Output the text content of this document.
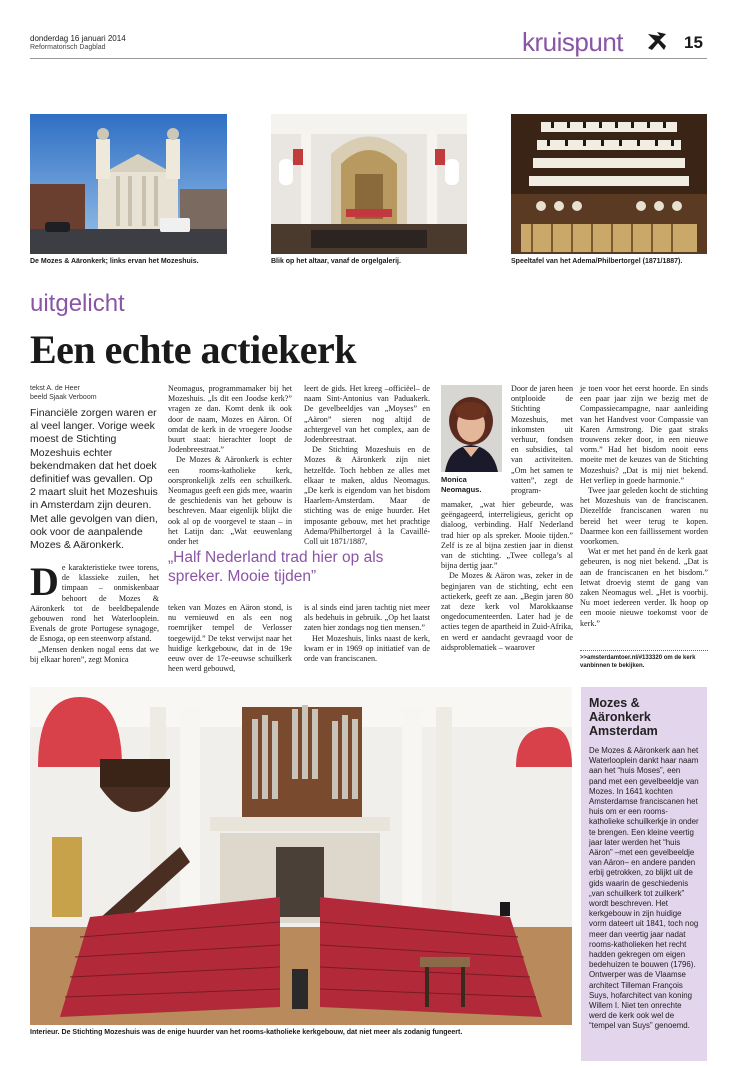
donderdag 16 januari 2014
Reformatorisch Dagblad	kruispunt	15
De Mozes & Aäronkerk; links ervan het Mozeshuis.	Blik op het altaar, vanaf de orgelgalerij.	Speeltafel van het Adema/Philbertorgel (1871/1887).
uitgelicht
Een echte actiekerk
tekst A. de Heer
beeld Sjaak Verboom
Financiële zorgen waren er al veel langer. Vorige week moest de Stichting Mozeshuis echter bekendmaken dat het doek definitief was gevallen. Op 2 maart sluit het Mozeshuis in Amsterdam zijn deuren. Met alle gevolgen van dien, ook voor de aanpalende Mozes & Aäronkerk.
D e karakteristieke twee torens, de klassieke zuilen, het timpaan – onmiskenbaar behoort de Mozes & Aäronkerk tot de beeldbepalende gebouwen rond het Waterlooplein. Evenals de grote Portugese synagoge, de Esnoga, op een steenworp afstand.

„Mensen denken nogal eens dat we bij elkaar horen”, zegt Monica

Neomagus, programmamaker bij het Mozeshuis. „Is dit een Joodse kerk?” vragen ze dan. Komt denk ik ook door de naam, Mozes en Aäron. Of omdat de kerk in de vroegere Joodse buurt staat: hierachter loopt de Jodenbreestraat.”

De Mozes & Aäronkerk is echter een rooms-katholieke kerk, oorspronkelijk zelfs een schuilkerk. Neomagus geeft een gids mee, waarin de geschiedenis van het gebouw is beschreven. Maar eigenlijk blijkt die ook al op de voorgevel te staan – in het Latijn dan: „Wat eeuwenlang onder het

leert de gids. Het kreeg –officiëel– de naam Sint-Antonius van Paduakerk. De gevelbeeldjes van „Moyses” en „Aäron” sieren nog altijd de achtergevel van het complex, aan de Jodenbreestraat.

De Stichting Mozeshuis en de Mozes & Aäronkerk zijn niet hetzelfde. Toch hebben ze alles met elkaar te maken, aldus Neomagus. „De kerk is eigendom van het bisdom Haarlem-Amsterdam. Maar de stichting was de enige huurder. Het imposante gebouw, met het prachtige Adema/Philbertorgel à la Cavaillé-Coll uit 1871/1887,

„Half Nederland trad hier op als spreker. Mooie tijden”

teken van Mozes en Aäron stond, is nu vernieuwd en als een nog roemrijker tempel de Verlosser toegewijd.” De tekst verwijst naar het huidige kerkgebouw, dat in de 19e eeuw over de 17e-eeuwse schuilkerk heen werd gebouwd,

is al sinds eind jaren tachtig niet meer als bedehuis in gebruik. „Op het laatst zaten hier zondags nog tien mensen.”

Het Mozeshuis, links naast de kerk, kwam er in 1969 op initiatief van de orde van franciscanen.

Monica Neomagus.

Door de jaren heen ontplooide de Stichting Mozeshuis, met inkomsten uit verhuur, fondsen en subsidies, tal van activiteiten. „Om het samen te vatten”, zegt de program-

mamaker, „wat hier gebeurde, was geëngageerd, interreligieus, gericht op dialoog, verbinding. Half Nederland trad hier op als spreker. Mooie tijden.” Zelf is ze al bijna zestien jaar in dienst van de stichting. „Twee collega’s al bijna dertig jaar.”

De Mozes & Aäron was, zeker in de beginjaren van de stichting, echt een actiekerk, geeft ze aan. „Begin jaren 80 zat deze kerk vol Marokkaanse ongedocumenteerden. Later had je de acties tegen de apartheid in Zuid-Afrika, en werd er aandacht gevraagd voor de aidsproblematiek – waarover

je toen voor het eerst hoorde. En sinds een paar jaar zijn we bezig met de Compassiecampagne, naar aanleiding van het Handvest voor Compassie van Karen Armstrong. Die gaat straks trouwens zeker door, in een nieuwe vorm.” Had het bisdom nooit eens moeite met de keuzes van de Stichting Mozeshuis? „Dat is mij niet bekend. Het verliep in goede harmonie.”

Twee jaar geleden kocht de stichting het Mozeshuis van de franciscanen. Diezelfde franciscanen waren nu bereid het weer terug te kopen. Daarmee kon een faillissement worden voorkomen.

Wat er met het pand én de kerk gaat gebeuren, is nog niet bekend. „Dat is aan de franciscanen en het bisdom.” Ietwat droevig stemt de gang van zaken Neomagus wel. „Het is voorbij. Nu moet iedereen verder. Ik hoop op een mooie nieuwe toekomst voor de kerk.”

>>amsterdamtoer.nl/#133320 om de kerk vanbinnen te bekijken.
Interieur. De Stichting Mozeshuis was de enige huurder van het rooms-katholieke kerkgebouw, dat niet meer als zodanig fungeert.
Mozes & Aäronkerk Amsterdam
De Mozes & Aäronkerk aan het Waterlooplein dankt haar naam aan het “huis Moses”, een pand met een gevelbeeldje van Mozes. In 1641 kochten Amsterdamse franciscanen het huis om er een rooms-katholieke schuilkerkje in onder te brengen. Een kleine veertig jaar later werden het “huis Aäron” –met een gevelbeeldje van Aäron– en andere panden erbij getrokken, zo blijkt uit de gids waarin de geschiedenis „van schuilkerk tot zuilkerk” wordt beschreven. Het kerkgebouw in zijn huidige vorm dateert uit 1841, toch nog meer dan veertig jaar nadat rooms-katholieken het recht hadden gekregen om eigen bedehuizen te bouwen (1796). Ontwerper was de Vlaamse architect Tilleman François Suys, hofarchitect van koning Willem I. Niet ten onrechte werd de kerk ook wel de “tempel van Suys” genoemd.
